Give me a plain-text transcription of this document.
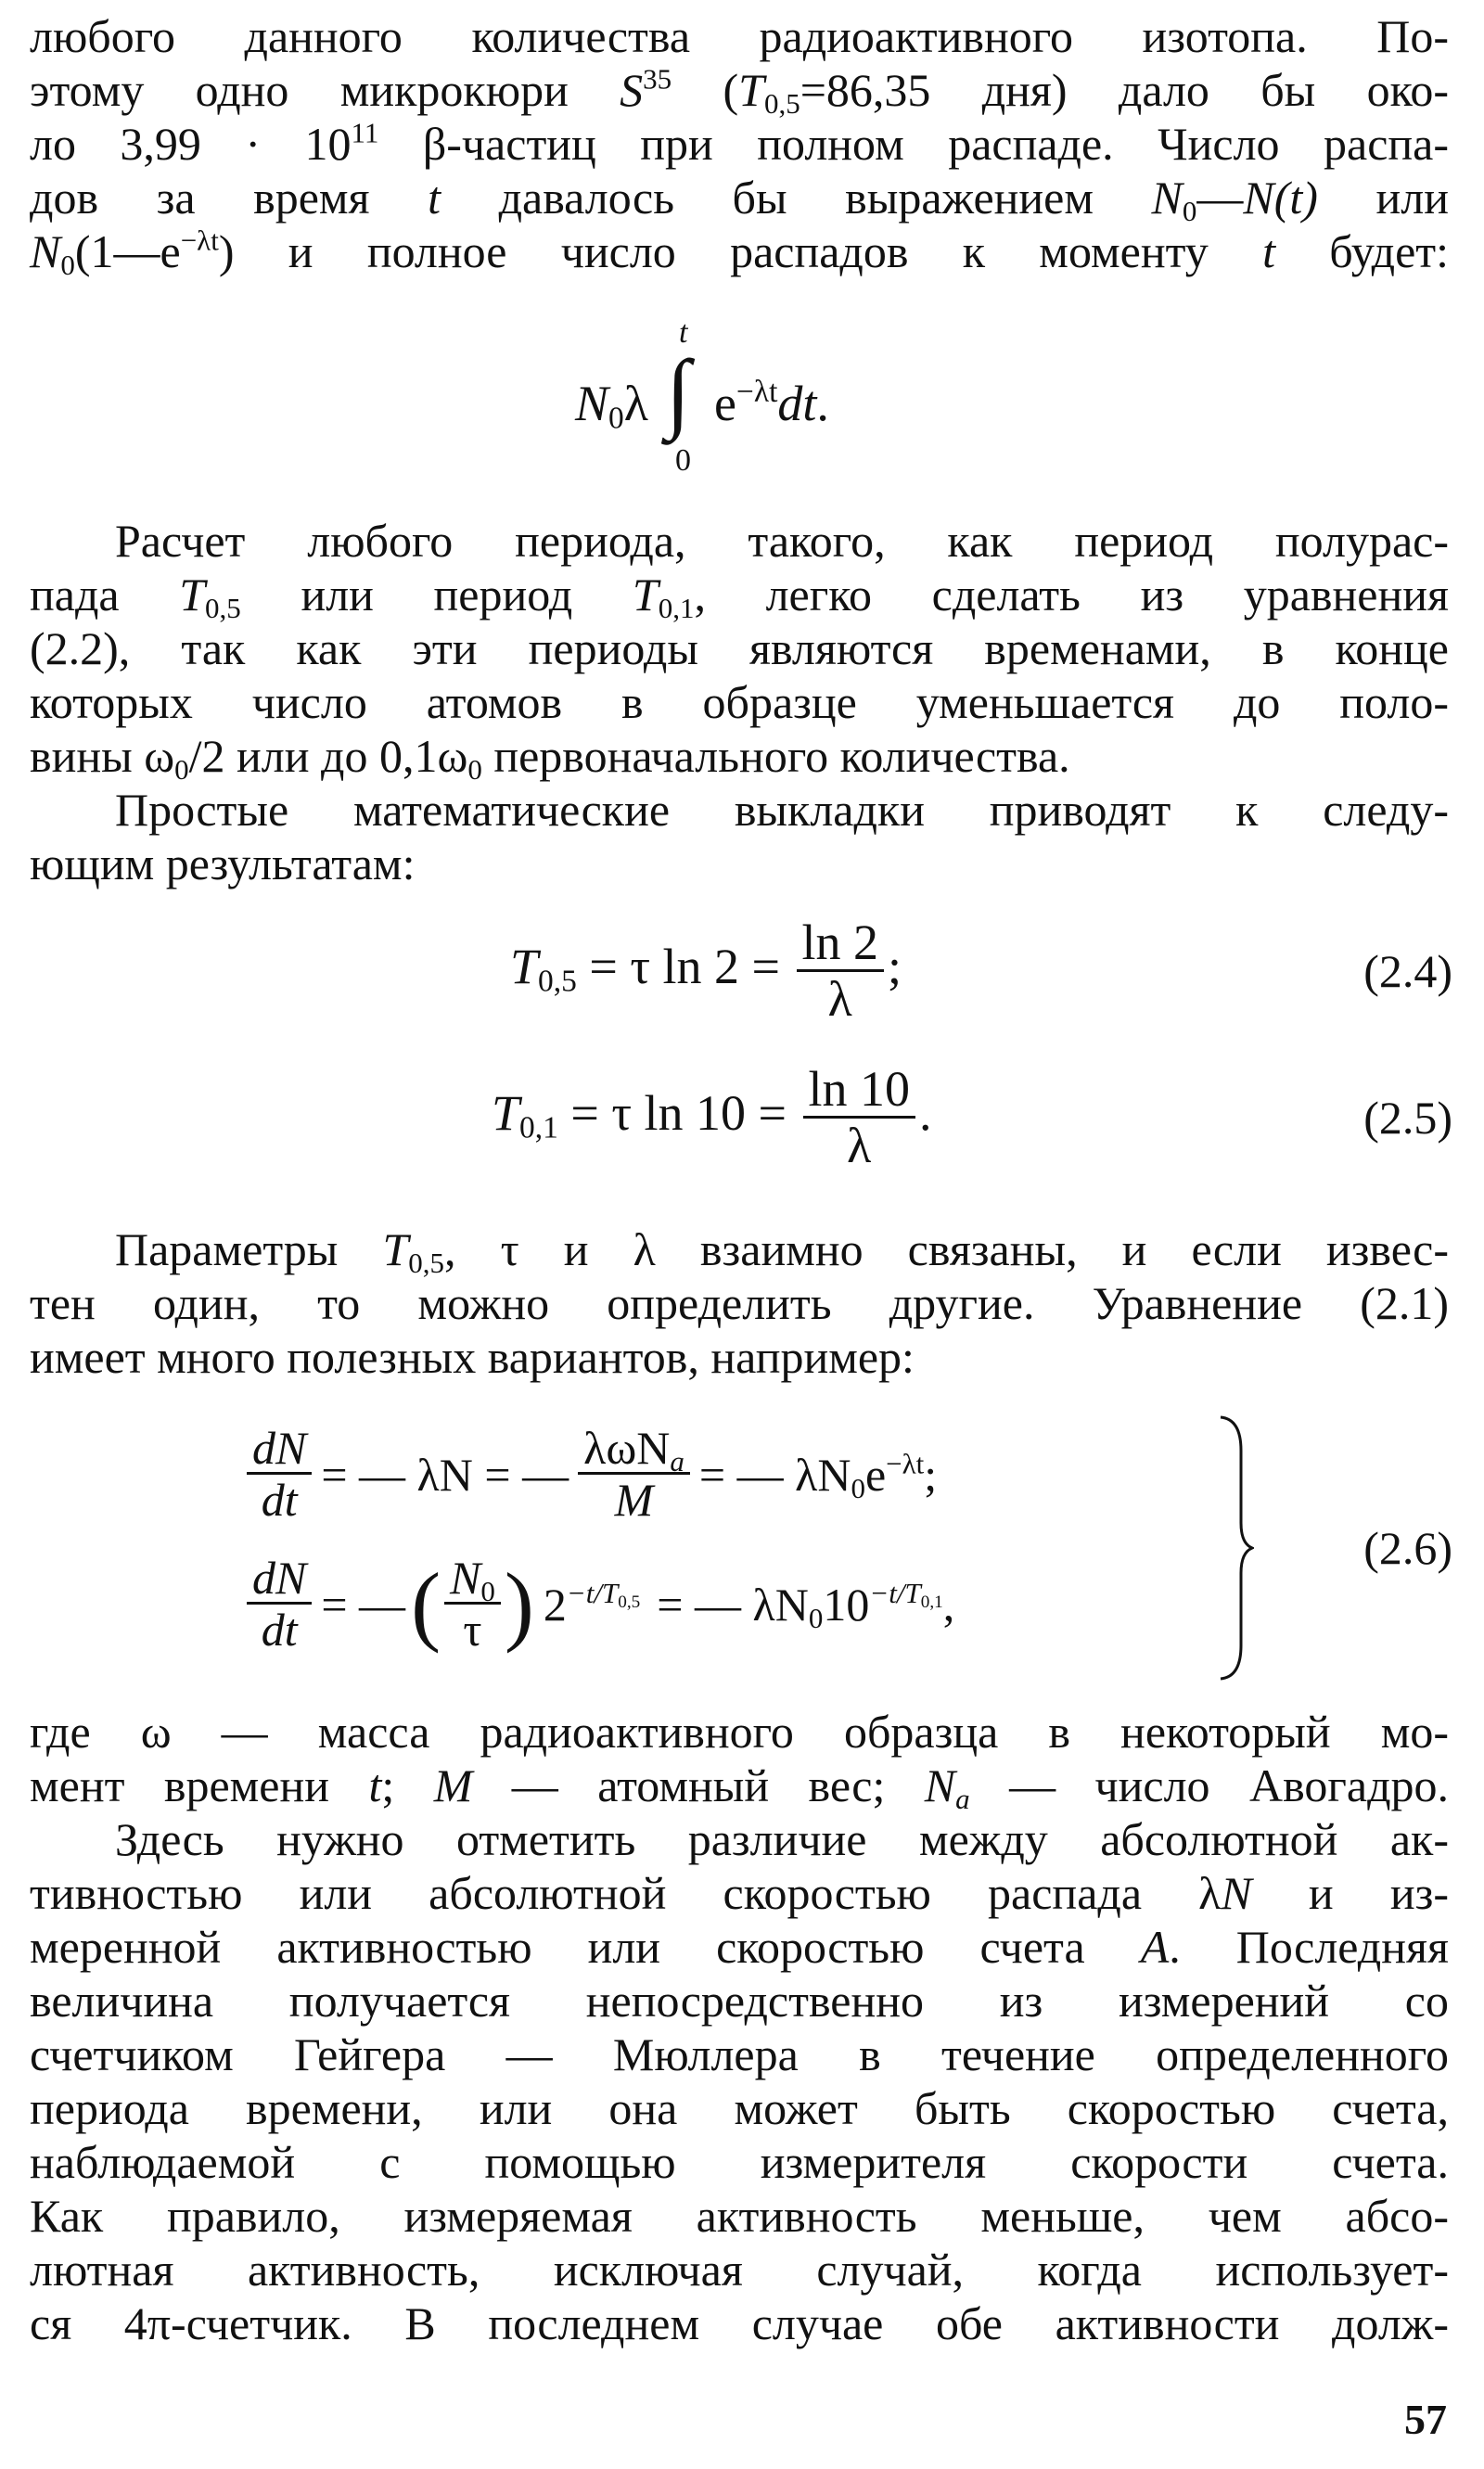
любого данного количества радиоактивного изотопа. По-
этому одно микрокюри $S^{35}$ ($T_{0,5}=86,35$ дня) дало бы око-
ло $3,99 \cdot 10^{11}$ β-частиц при полном распаде. Число распа-
дов за время t давалось бы выражением $N_0—N(t)$ или
$N_0(1—e^{-\lambda t})$ и полное число распадов к моменту t будет:
t
$N_0\lambda$ ∫
0
$e^{-\lambda t}dt$.
Расчет любого периода, такого, как период полурас-
пада $T_{0,5}$ или период $T_{0,1}$, легко сделать из уравнения
(2.2), так как эти периоды являются временами, в конце
которых число атомов в образце уменьшается до поло-
вины $\omega_0/2$ или до $0,1\omega_0$ первоначального количества.
Простые математические выкладки приводят к следу-
ющим результатам:
$T_{0,5} = \tau$ $\ln 2 = \frac{\ln 2}{\lambda}$ ;	(2.4)
$T_{0,1} = \tau$ $\ln 10 = \frac{\ln 10}{\lambda}$ .	(2.5)
Параметры $T_{0,5}$, τ и λ взаимно связаны, и если извес-
тен один, то можно определить другие. Уравнение (2.1)
имеет много полезных вариантов, например:
$\frac{dN}{dt}$ = — λN = — $\frac{\lambda\omega N_a}{M}$ = — $\lambda N_0e^{-\lambda t}$;
$\frac{dN}{dt}$ = — ( $\frac{N_0}{\tau}$ ) $2^{-t/T_{0,5}}$ = — $\lambda N_010^{-t/T_{0,1}}$,
(2.6)
где ω — масса радиоактивного образца в некоторый мо-
мент времени t; M — атомный вес; $N_a$ — число Авогадро.
Здесь нужно отметить различие между абсолютной ак-
тивностью или абсолютной скоростью распада λN и из-
меренной активностью или скоростью счета A. Последняя
величина получается непосредственно из измерений со
счетчиком Гейгера — Мюллера в течение определенного
периода времени, или она может быть скоростью счета,
наблюдаемой с помощью измерителя скорости счета.
Как правило, измеряемая активность меньше, чем абсо-
лютная активность, исключая случай, когда использует-
ся 4π-счетчик. В последнем случае обе активности долж-
57
